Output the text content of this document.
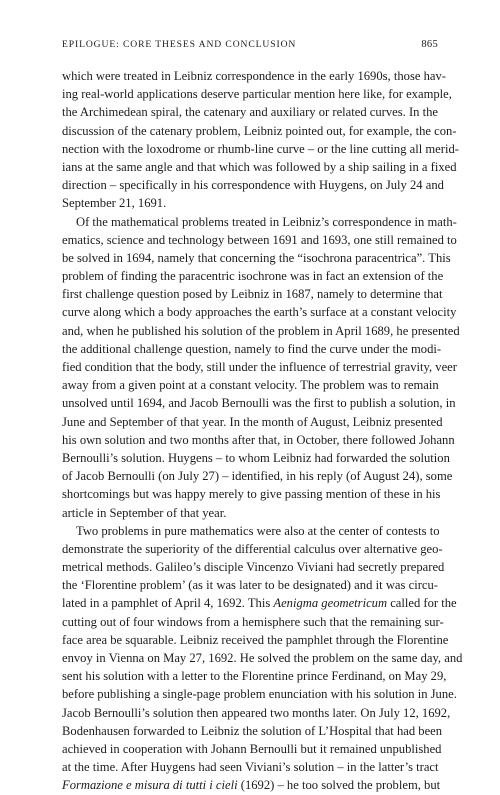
EPILOGUE: CORE THESES AND CONCLUSION	865
which were treated in Leibniz correspondence in the early 1690s, those hav-
ing real-world applications deserve particular mention here like, for example,
the Archimedean spiral, the catenary and auxiliary or related curves. In the
discussion of the catenary problem, Leibniz pointed out, for example, the con-
nection with the loxodrome or rhumb-line curve – or the line cutting all merid-
ians at the same angle and that which was followed by a ship sailing in a fixed
direction – specifically in his correspondence with Huygens, on July 24 and
September 21, 1691.
Of the mathematical problems treated in Leibniz’s correspondence in math-
ematics, science and technology between 1691 and 1693, one still remained to
be solved in 1694, namely that concerning the “isochrona paracentrica”. This
problem of finding the paracentric isochrone was in fact an extension of the
first challenge question posed by Leibniz in 1687, namely to determine that
curve along which a body approaches the earth’s surface at a constant velocity
and, when he published his solution of the problem in April 1689, he presented
the additional challenge question, namely to find the curve under the modi-
fied condition that the body, still under the influence of terrestrial gravity, veer
away from a given point at a constant velocity. The problem was to remain
unsolved until 1694, and Jacob Bernoulli was the first to publish a solution, in
June and September of that year. In the month of August, Leibniz presented
his own solution and two months after that, in October, there followed Johann
Bernoulli’s solution. Huygens – to whom Leibniz had forwarded the solution
of Jacob Bernoulli (on July 27) – identified, in his reply (of August 24), some
shortcomings but was happy merely to give passing mention of these in his
article in September of that year.
Two problems in pure mathematics were also at the center of contests to
demonstrate the superiority of the differential calculus over alternative geo-
metrical methods. Galileo’s disciple Vincenzo Viviani had secretly prepared
the ‘Florentine problem’ (as it was later to be designated) and it was circu-
lated in a pamphlet of April 4, 1692. This Aenigma geometricum called for the
cutting out of four windows from a hemisphere such that the remaining sur-
face area be squarable. Leibniz received the pamphlet through the Florentine
envoy in Vienna on May 27, 1692. He solved the problem on the same day, and
sent his solution with a letter to the Florentine prince Ferdinand, on May 29,
before publishing a single-page problem enunciation with his solution in June.
Jacob Bernoulli’s solution then appeared two months later. On July 12, 1692,
Bodenhausen forwarded to Leibniz the solution of L’Hospital that had been
achieved in cooperation with Johann Bernoulli but it remained unpublished
at the time. After Huygens had seen Viviani’s solution – in the latter’s tract
Formazione e misura di tutti i cieli (1692) – he too solved the problem, but
